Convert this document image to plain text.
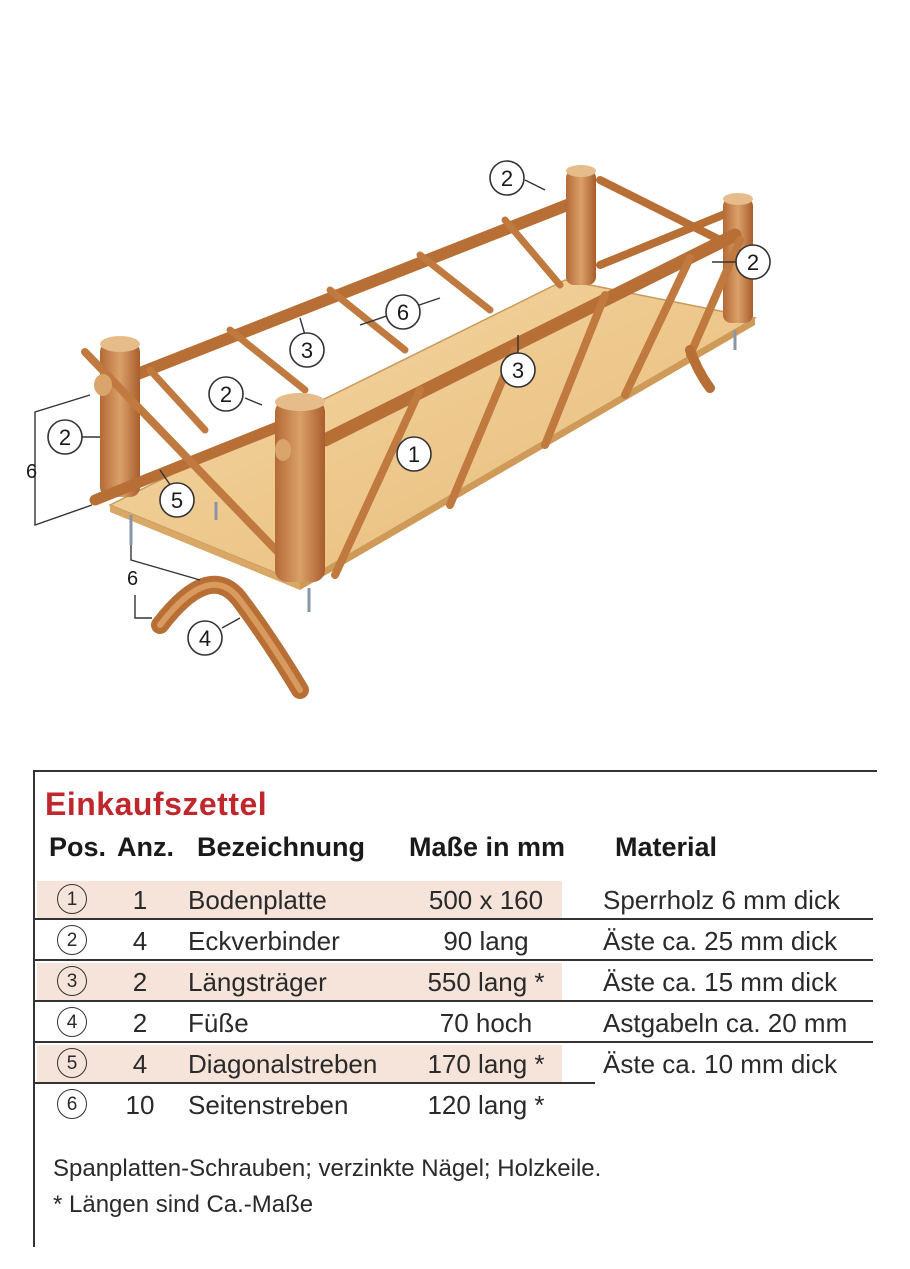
6
6
2
2
6
3
3
2
2
1
5
4
Einkaufszettel
Pos. Anz. Bezeichnung Maße in mm Material
1	1 Bodenplatte	500 x 160	Sperrholz 6 mm dick
2	4 Eckverbinder	90 lang	Äste ca. 25 mm dick
3	2 Längsträger	550 lang *	Äste ca. 15 mm dick
4	2 Füße	70 hoch	Astgabeln ca. 20 mm
5	4 Diagonalstreben	170 lang *	Äste ca. 10 mm dick
6	10 Seitenstreben	120 lang *
Spanplatten-Schrauben; verzinkte Nägel; Holzkeile.
* Längen sind Ca.-Maße
